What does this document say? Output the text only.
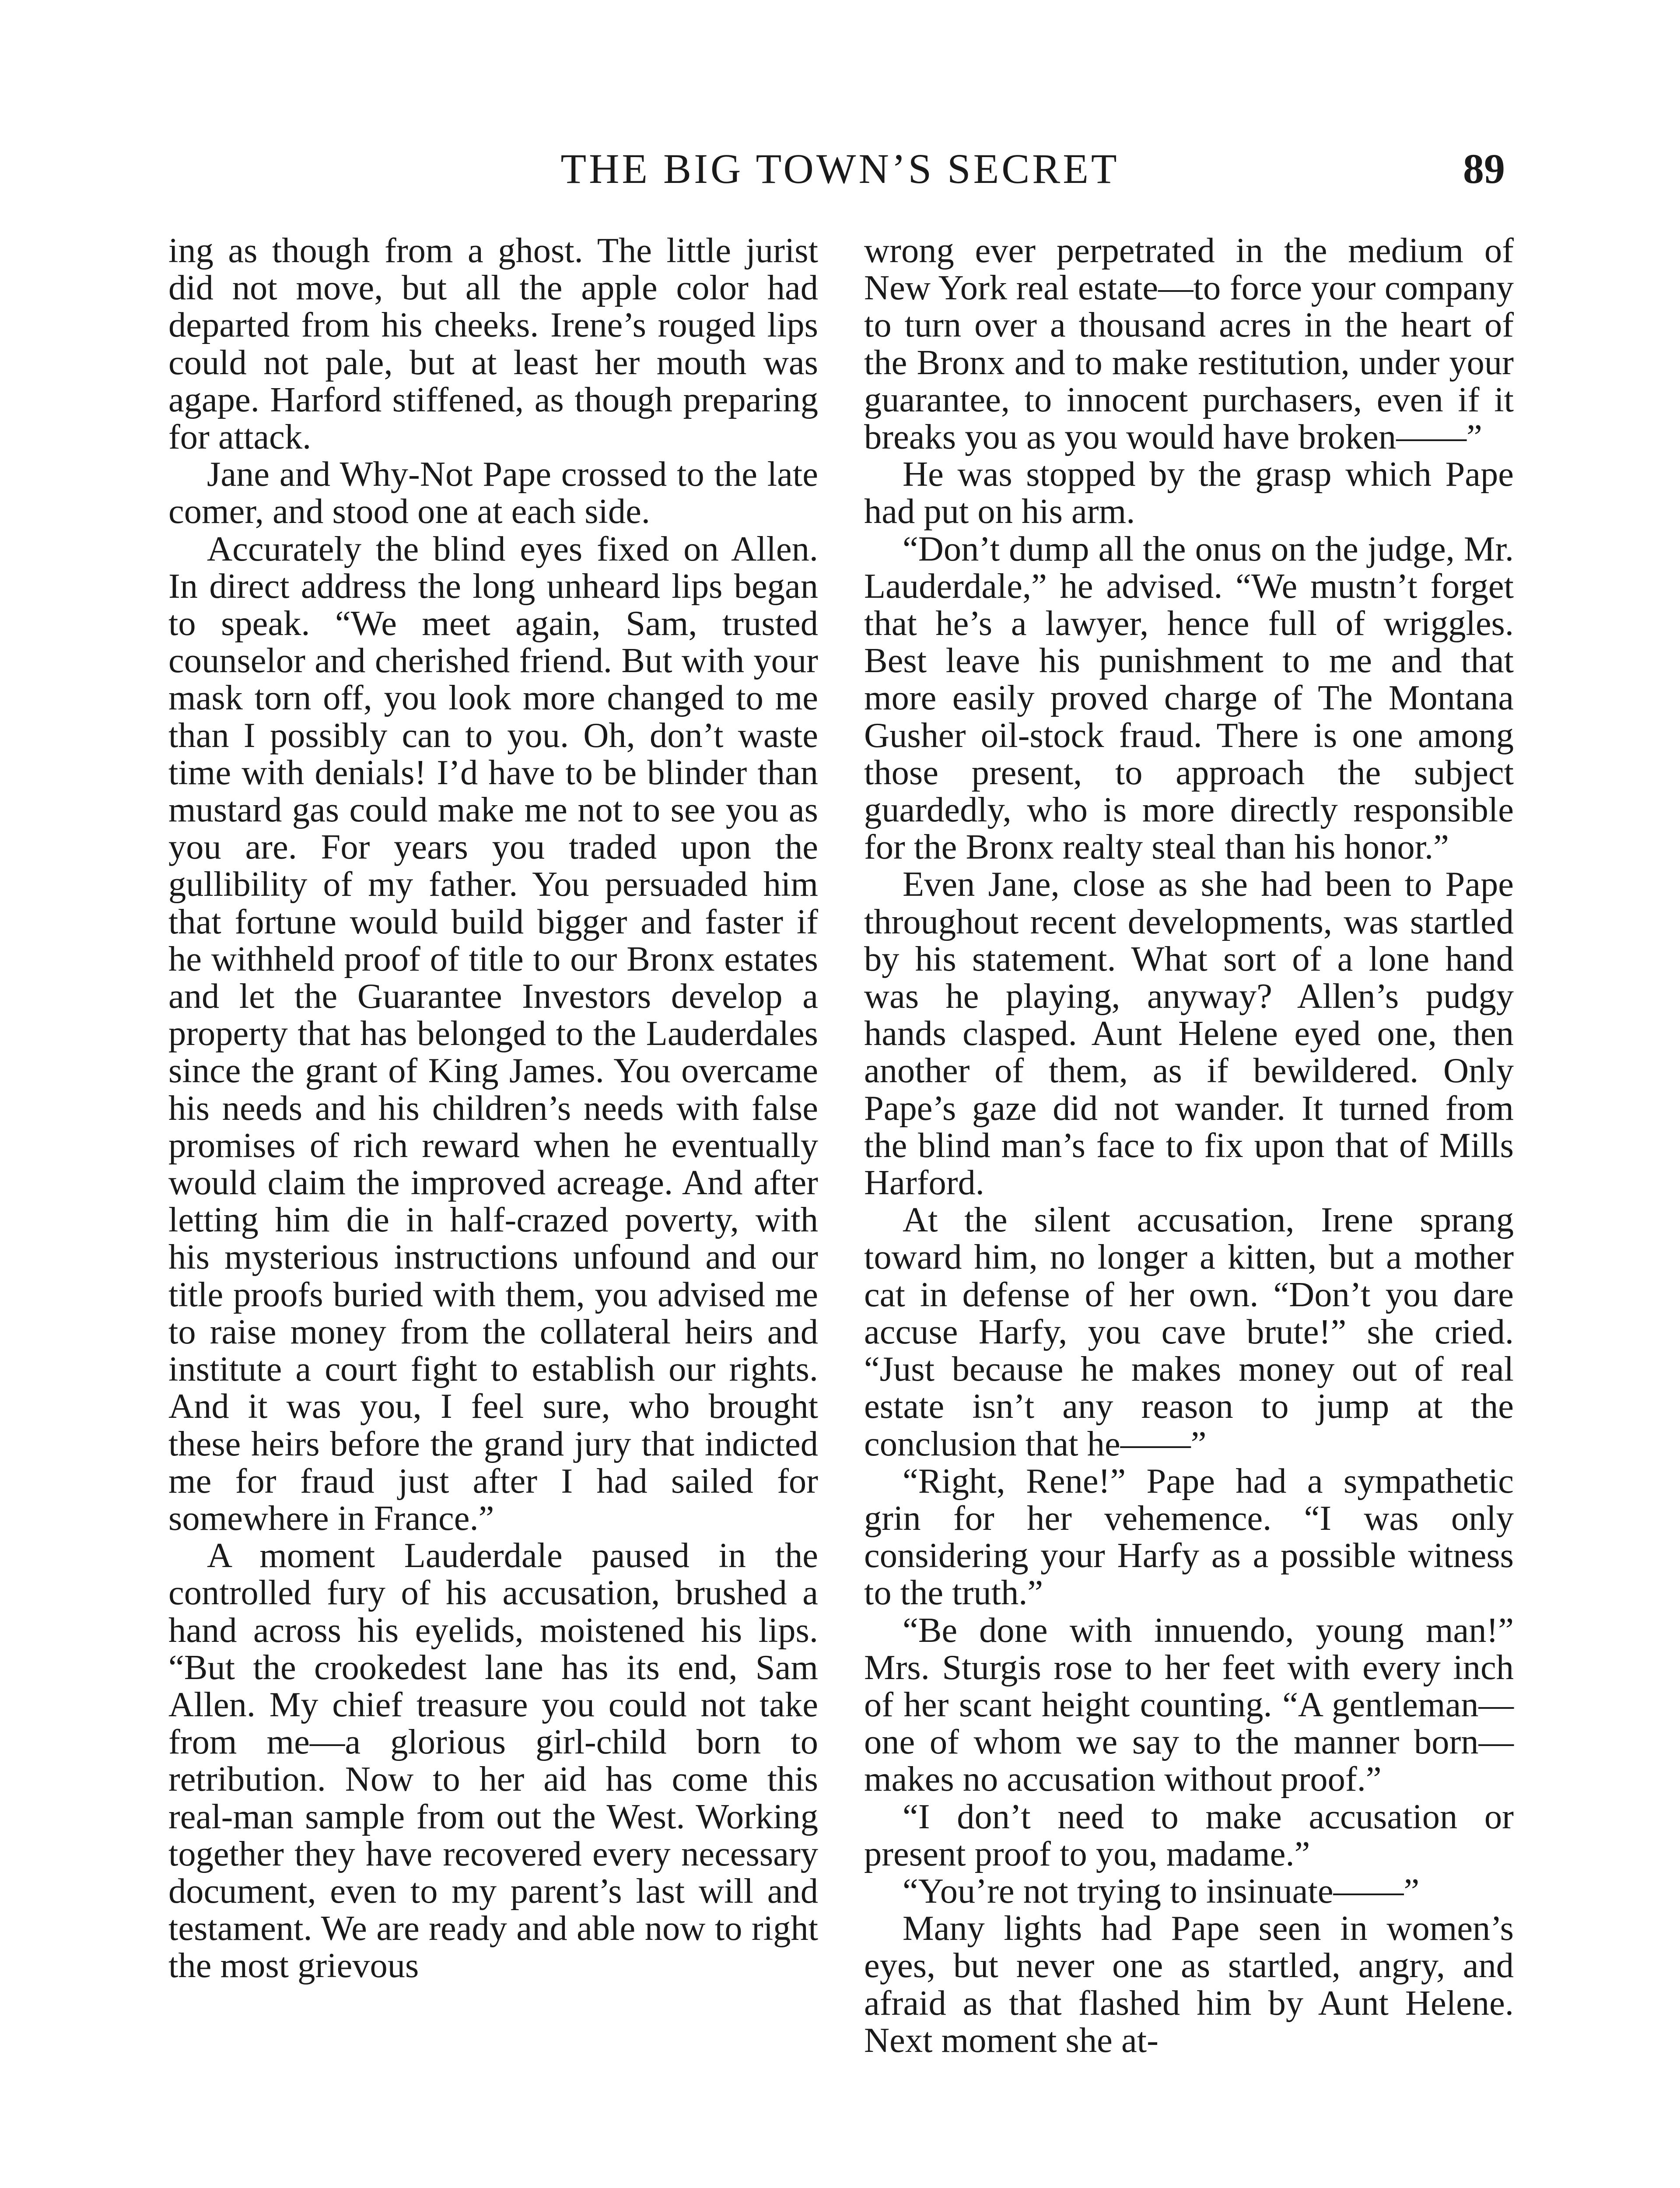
THE BIG TOWN’S SECRET	89

ing as though from a ghost. The little jurist did not move, but all the apple color had departed from his cheeks. Irene’s rouged lips could not pale, but at least her mouth was agape. Harford stiffened, as though preparing for attack.

Jane and Why-Not Pape crossed to the late comer, and stood one at each side.

Accurately the blind eyes fixed on Allen. In direct address the long unheard lips began to speak. “We meet again, Sam, trusted counselor and cherished friend. But with your mask torn off, you look more changed to me than I possibly can to you. Oh, don’t waste time with denials! I’d have to be blinder than mustard gas could make me not to see you as you are. For years you traded upon the gullibility of my father. You persuaded him that fortune would build bigger and faster if he withheld proof of title to our Bronx estates and let the Guarantee Investors develop a property that has belonged to the Lauderdales since the grant of King James. You overcame his needs and his children’s needs with false promises of rich reward when he eventually would claim the improved acreage. And after letting him die in half-crazed poverty, with his mysterious instructions unfound and our title proofs buried with them, you advised me to raise money from the collateral heirs and institute a court fight to establish our rights. And it was you, I feel sure, who brought these heirs before the grand jury that indicted me for fraud just after I had sailed for somewhere in France.”

A moment Lauderdale paused in the controlled fury of his accusation, brushed a hand across his eyelids, moistened his lips. “But the crookedest lane has its end, Sam Allen. My chief treasure you could not take from me—a glorious girl-child born to retribution. Now to her aid has come this real-man sample from out the West. Working together they have recovered every necessary document, even to my parent’s last will and testament. We are ready and able now to right the most grievous

wrong ever perpetrated in the medium of New York real estate—to force your company to turn over a thousand acres in the heart of the Bronx and to make restitution, under your guarantee, to innocent purchasers, even if it breaks you as you would have broken——”

He was stopped by the grasp which Pape had put on his arm.

“Don’t dump all the onus on the judge, Mr. Lauderdale,” he advised. “We mustn’t forget that he’s a lawyer, hence full of wriggles. Best leave his punishment to me and that more easily proved charge of The Montana Gusher oil-stock fraud. There is one among those present, to approach the subject guardedly, who is more directly responsible for the Bronx realty steal than his honor.”

Even Jane, close as she had been to Pape throughout recent developments, was startled by his statement. What sort of a lone hand was he playing, anyway? Allen’s pudgy hands clasped. Aunt Helene eyed one, then another of them, as if bewildered. Only Pape’s gaze did not wander. It turned from the blind man’s face to fix upon that of Mills Harford.

At the silent accusation, Irene sprang toward him, no longer a kitten, but a mother cat in defense of her own. “Don’t you dare accuse Harfy, you cave brute!” she cried. “Just because he makes money out of real estate isn’t any reason to jump at the conclusion that he——”

“Right, Rene!” Pape had a sympathetic grin for her vehemence. “I was only considering your Harfy as a possible witness to the truth.”

“Be done with innuendo, young man!” Mrs. Sturgis rose to her feet with every inch of her scant height counting. “A gentleman—one of whom we say to the manner born—makes no accusation without proof.”

“I don’t need to make accusation or present proof to you, madame.”

“You’re not trying to insinuate——”

Many lights had Pape seen in women’s eyes, but never one as startled, angry, and afraid as that flashed him by Aunt Helene. Next moment she at-
